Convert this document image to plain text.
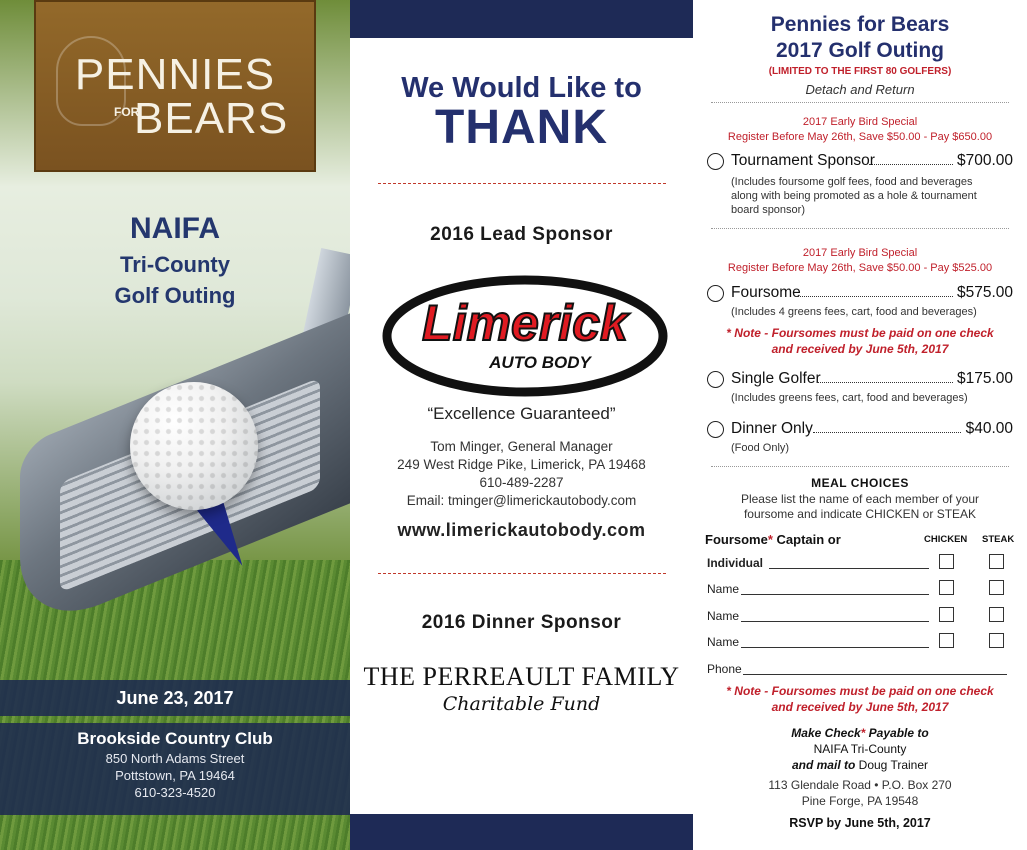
PENNIES
FOR
BEARS
NAIFA
Tri-County
Golf Outing
June 23, 2017
Brookside Country Club
850 North Adams Street
Pottstown, PA 19464
610-323-4520
We Would Like to
THANK
2016 Lead Sponsor
Limerick
AUTO BODY
“Excellence Guaranteed”
Tom Minger, General Manager
249 West Ridge Pike, Limerick, PA 19468
610-489-2287
Email: tminger@limerickautobody.com
www.limerickautobody.com
2016 Dinner Sponsor
THE PERREAULT FAMILY
Charitable Fund
Pennies for Bears
2017 Golf Outing
(LIMITED TO THE FIRST 80 GOLFERS)
Detach and Return
2017 Early Bird Special
Register Before May 26th, Save $50.00 - Pay $650.00
Tournament Sponsor	$700.00
(Includes foursome golf fees, food and beverages
along with being promoted as a hole & tournament
board sponsor)
2017 Early Bird Special
Register Before May 26th, Save $50.00 - Pay $525.00
Foursome	$575.00
(Includes 4 greens fees, cart, food and beverages)
* Note - Foursomes must be paid on one check
and received by June 5th, 2017
Single Golfer	$175.00
(Includes greens fees, cart, food and beverages)
Dinner Only	$40.00
(Food Only)
MEAL CHOICES
Please list the name of each member of your
foursome and indicate CHICKEN or STEAK
Foursome* Captain or	CHICKEN STEAK
Individual
Name
Name
Name
Phone
* Note - Foursomes must be paid on one check
and received by June 5th, 2017
Make Check* Payable to
NAIFA Tri-County
and mail to Doug Trainer
113 Glendale Road • P.O. Box 270
Pine Forge, PA 19548
RSVP by June 5th, 2017
